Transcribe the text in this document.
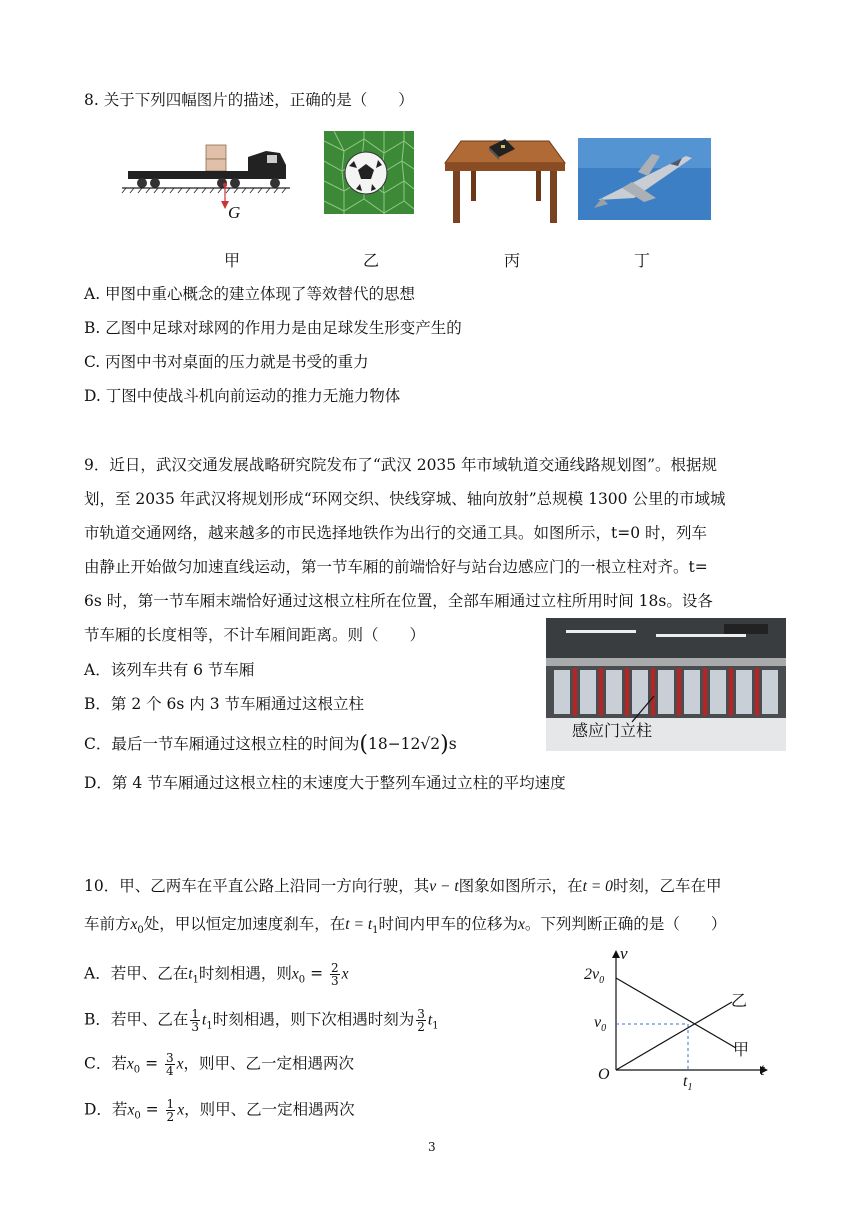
8. 关于下列四幅图片的描述，正确的是（　　）
G
甲	乙	丙	丁
A. 甲图中重心概念的建立体现了等效替代的思想
B. 乙图中足球对球网的作用力是由足球发生形变产生的
C. 丙图中书对桌面的压力就是书受的重力
D. 丁图中使战斗机向前运动的推力无施力物体
9．近日，武汉交通发展战略研究院发布了“武汉 2035 年市域轨道交通线路规划图”。根据规
划，至 2035 年武汉将规划形成“环网交织、快线穿城、轴向放射”总规模 1300 公里的市域城
市轨道交通网络，越来越多的市民选择地铁作为出行的交通工具。如图所示，t=0 时，列车
由静止开始做匀加速直线运动，第一节车厢的前端恰好与站台边感应门的一根立柱对齐。t=
6s 时，第一节车厢末端恰好通过这根立柱所在位置，全部车厢通过立柱所用时间 18s。设各
节车厢的长度相等，不计车厢间距离。则（　　）
感应门立柱
A．该列车共有 6 节车厢
B．第 2 个 6s 内 3 节车厢通过这根立柱
C．最后一节车厢通过这根立柱的时间为(18−12√2)s
D．第 4 节车厢通过这根立柱的末速度大于整列车通过立柱的平均速度
10．甲、乙两车在平直公路上沿同一方向行驶，其v − t图象如图所示，在t = 0时刻，乙车在甲
车前方$x_0$处，甲以恒定加速度刹车，在$t = t_1$时间内甲车的位移为x。下列判断正确的是（　　）
A．若甲、乙在$t_1$时刻相遇，则$x_0 = \frac{2}{3}$ x
B．若甲、乙在 $\frac{1}{3} t_1$时刻相遇，则下次相遇时刻为 $\frac{3}{2} t_1$
C．若$x_0 = \frac{3}{4}$ x，则甲、乙一定相遇两次
D．若$x_0 = \frac{1}{2}$ x，则甲、乙一定相遇两次
v
t
O
$2v_0$
$v_0$
$t_1$
乙
甲
3
